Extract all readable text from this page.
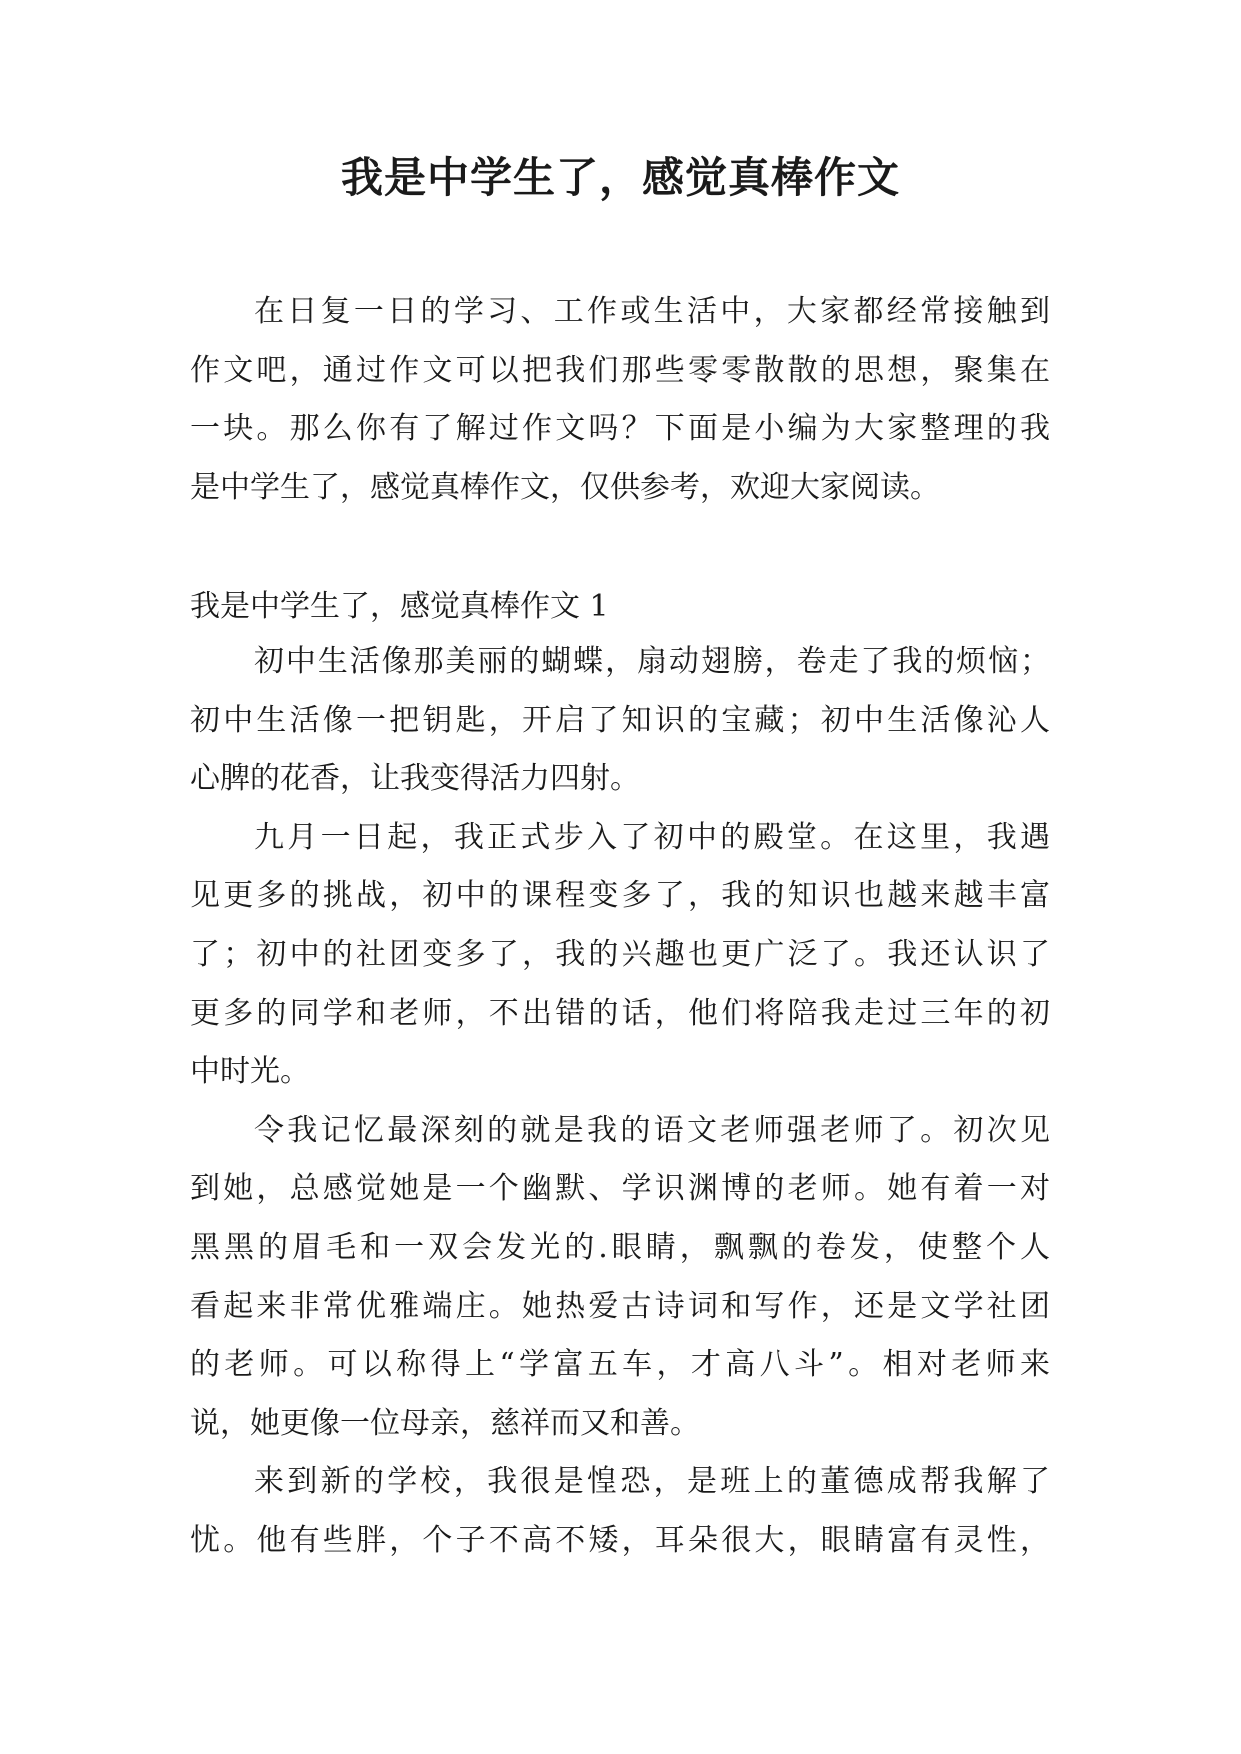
我是中学生了，感觉真棒作文
在日复一日的学习、工作或生活中，大家都经常接触到
作文吧，通过作文可以把我们那些零零散散的思想，聚集在
一块。那么你有了解过作文吗？下面是小编为大家整理的我
是中学生了，感觉真棒作文，仅供参考，欢迎大家阅读。
我是中学生了，感觉真棒作文 1
初中生活像那美丽的蝴蝶，扇动翅膀，卷走了我的烦恼；
初中生活像一把钥匙，开启了知识的宝藏；初中生活像沁人
心脾的花香，让我变得活力四射。
九月一日起，我正式步入了初中的殿堂。在这里，我遇
见更多的挑战，初中的课程变多了，我的知识也越来越丰富
了；初中的社团变多了，我的兴趣也更广泛了。我还认识了
更多的同学和老师，不出错的话，他们将陪我走过三年的初
中时光。
令我记忆最深刻的就是我的语文老师强老师了。初次见
到她，总感觉她是一个幽默、学识渊博的老师。她有着一对
黑黑的眉毛和一双会发光的.眼睛，飘飘的卷发，使整个人
看起来非常优雅端庄。她热爱古诗词和写作，还是文学社团
的老师。可以称得上“学富五车，才高八斗”。相对老师来
说，她更像一位母亲，慈祥而又和善。
来到新的学校，我很是惶恐，是班上的董德成帮我解了
忧。他有些胖，个子不高不矮，耳朵很大，眼睛富有灵性，
